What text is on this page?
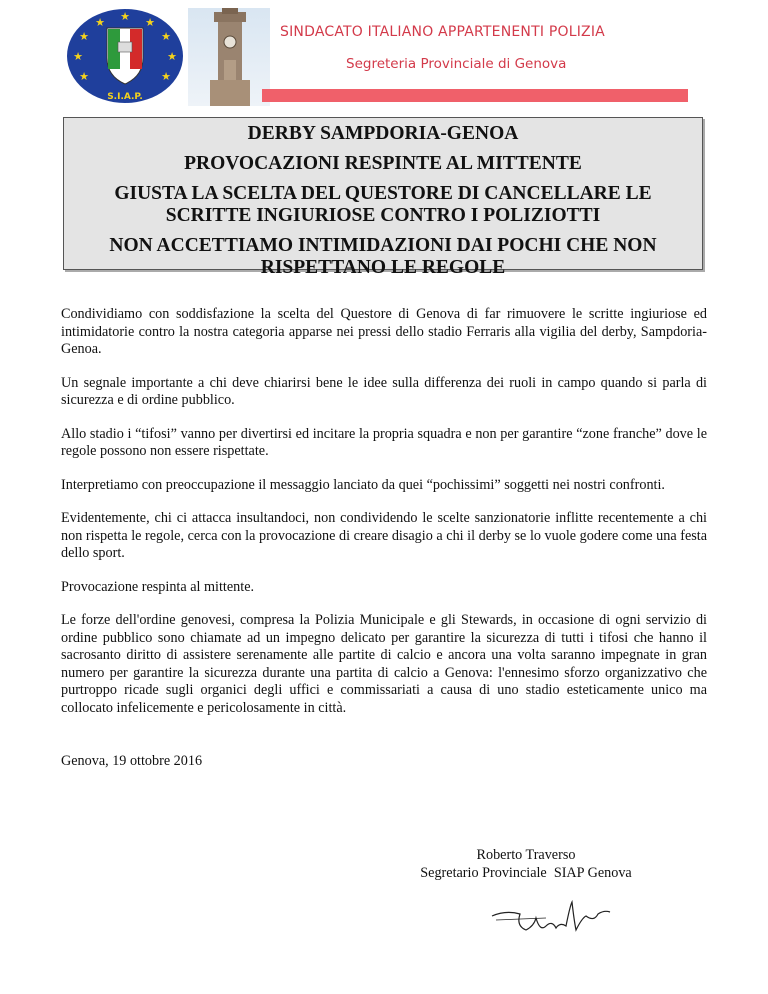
★ ★
★
★
★
★
★
★
★
S.I.A.P.
SINDACATO ITALIANO APPARTENENTI POLIZIA
Segreteria Provinciale di Genova
DERBY SAMPDORIA-GENOA
PROVOCAZIONI RESPINTE AL MITTENTE
GIUSTA LA SCELTA DEL QUESTORE DI CANCELLARE LE
SCRITTE INGIURIOSE CONTRO I POLIZIOTTI
NON ACCETTIAMO INTIMIDAZIONI DAI POCHI CHE NON
RISPETTANO LE REGOLE

Condividiamo con soddisfazione la scelta del Questore di Genova di far rimuovere le scritte ingiuriose ed intimidatorie contro la nostra categoria apparse nei pressi dello stadio Ferraris alla vigilia del derby, Sampdoria-Genoa.

Un segnale importante a chi deve chiarirsi bene le idee sulla differenza dei ruoli in campo quando si parla di sicurezza e di ordine pubblico.

Allo stadio i “tifosi” vanno per divertirsi ed incitare la propria squadra e non per garantire “zone franche” dove le regole possono non essere rispettate.

Interpretiamo con preoccupazione il messaggio lanciato da quei “pochissimi” soggetti nei nostri confronti.

Evidentemente, chi ci attacca insultandoci, non condividendo le scelte sanzionatorie inflitte recentemente a chi non rispetta le regole, cerca con la provocazione di creare disagio a chi il derby se lo vuole godere come una festa dello sport.

Provocazione respinta al mittente.

Le forze dell'ordine genovesi, compresa la Polizia Municipale e gli Stewards, in occasione di ogni servizio di ordine pubblico sono chiamate ad un impegno delicato per garantire la sicurezza di tutti i tifosi che hanno il sacrosanto diritto di assistere serenamente alle partite di calcio e ancora una volta saranno impegnate in gran numero per garantire la sicurezza durante una partita di calcio a Genova: l'ennesimo sforzo organizzativo che purtroppo ricade sugli organici degli uffici e commissariati a causa di uno stadio esteticamente unico ma collocato infelicemente e pericolosamente in città.

Genova, 19 ottobre 2016
Roberto Traverso
Segretario Provinciale  SIAP Genova
